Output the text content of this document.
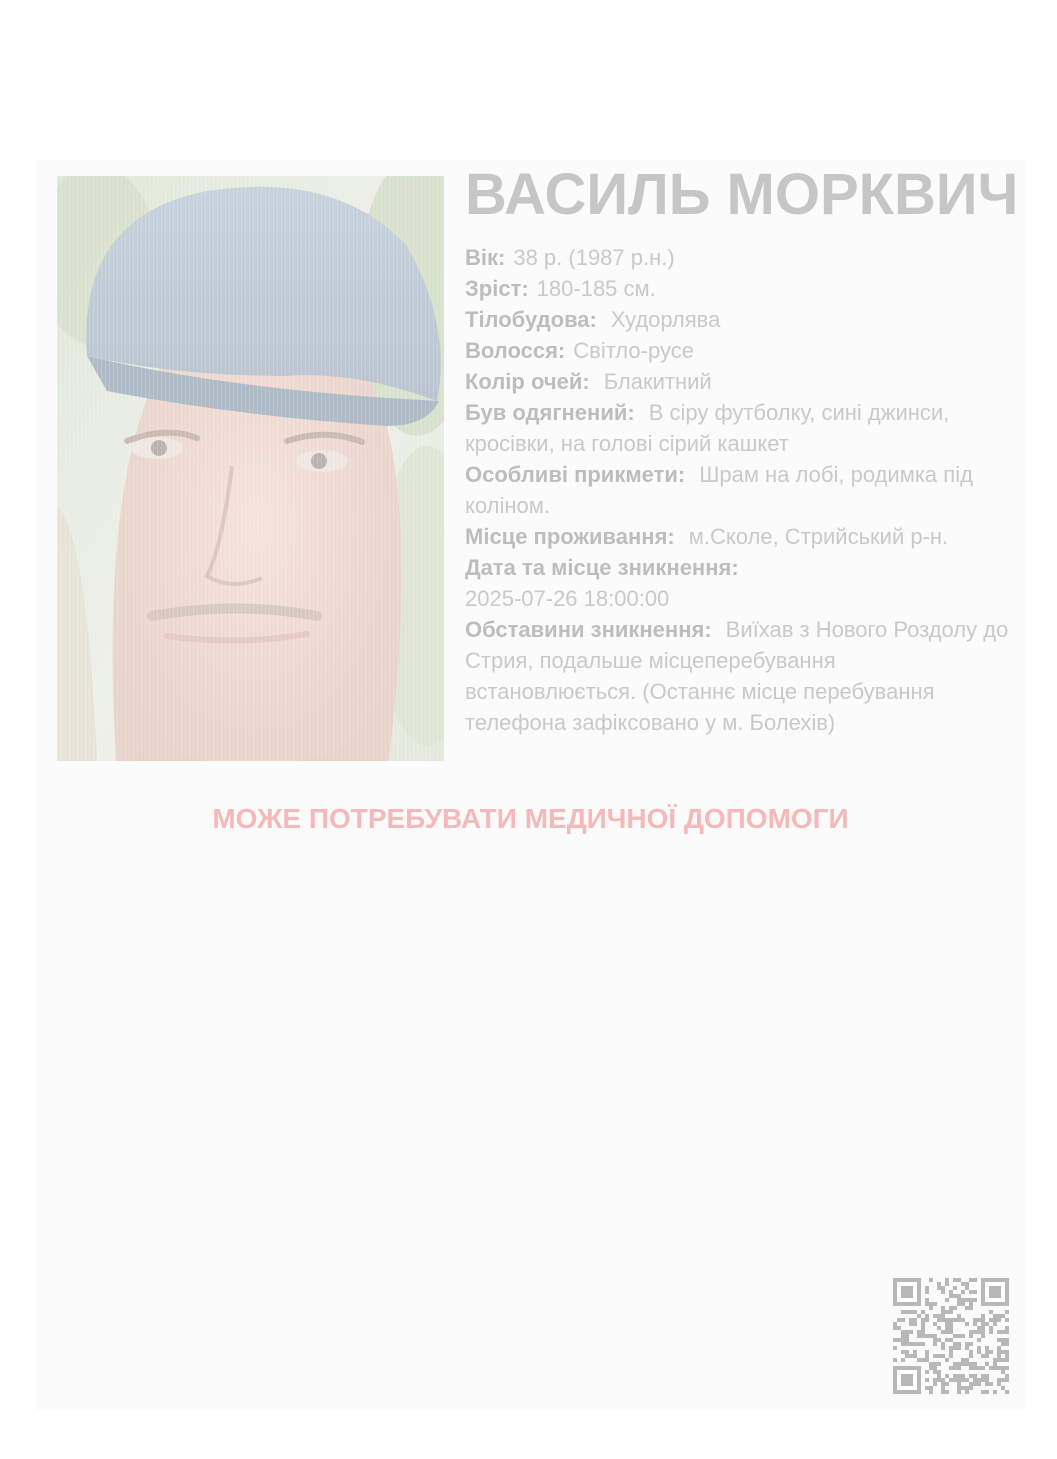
ВАСИЛЬ МОРКВИЧ
Вік: 38 р. (1987 р.н.)
Зріст: 180-185 см.
Тілобудова: Худорлява
Волосся: Світло-русе
Колір очей: Блакитний
Був одягнений: В сіру футболку, сині джинси, кросівки, на голові сірий кашкет
Особливі прикмети: Шрам на лобі, родимка під коліном.
Місце проживання: м.Сколе, Стрийський р-н.
Дата та місце зникнення:
2025-07-26 18:00:00
Обставини зникнення: Виїхав з Нового Роздолу до Стрия, подальше місцеперебування встановлюється. (Останнє місце перебування телефона зафіксовано у м. Болехів)
МОЖЕ ПОТРЕБУВАТИ МЕДИЧНОЇ ДОПОМОГИ
